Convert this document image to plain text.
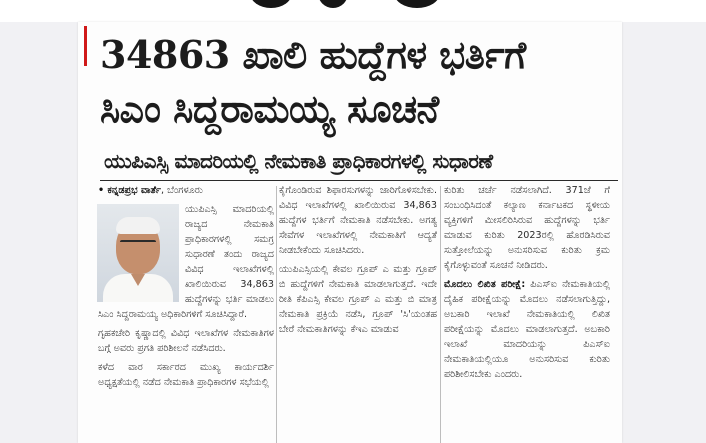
34863 ಖಾಲಿ ಹುದ್ದೆಗಳ ಭರ್ತಿಗೆ
ಸಿಎಂ ಸಿದ್ದರಾಮಯ್ಯ ಸೂಚನೆ
ಯುಪಿಎಸ್ಸಿ ಮಾದರಿಯಲ್ಲಿ ನೇಮಕಾತಿ ಪ್ರಾಧಿಕಾರಗಳಲ್ಲಿ ಸುಧಾರಣೆ

• ಕನ್ನಡಪ್ರಭ ವಾರ್ತೆ, ಬೆಂಗಳೂರು

ಯುಪಿಎಸ್ಸಿ ಮಾದರಿಯಲ್ಲಿ ರಾಜ್ಯದ ನೇಮಕಾತಿ ಪ್ರಾಧಿಕಾರಗಳಲ್ಲಿ ಸಮಗ್ರ ಸುಧಾರಣೆ ತಂದು ರಾಜ್ಯದ ವಿವಿಧ ಇಲಾಖೆಗಳಲ್ಲಿ ಖಾಲಿಯಿರುವ 34,863 ಹುದ್ದೆಗಳನ್ನು ಭರ್ತಿ ಮಾಡಲು ಸಿಎಂ ಸಿದ್ದರಾಮಯ್ಯ ಅಧಿಕಾರಿಗಳಿಗೆ ಸೂಚಿಸಿದ್ದಾರೆ.

ಗೃಹಕಚೇರಿ ಕೃಷ್ಣಾದಲ್ಲಿ ವಿವಿಧ ಇಲಾಖೆಗಳ ನೇಮಕಾತಿಗಳ ಬಗ್ಗೆ ಅವರು ಪ್ರಗತಿ ಪರಿಶೀಲನೆ ನಡೆಸಿದರು.

ಕಳೆದ ವಾರ ಸರ್ಕಾರದ ಮುಖ್ಯ ಕಾರ್ಯದರ್ಶಿ ಅಧ್ಯಕ್ಷತೆಯಲ್ಲಿ ನಡೆದ ನೇಮಕಾತಿ ಪ್ರಾಧಿಕಾರಗಳ ಸಭೆಯಲ್ಲಿ

ಕೈಗೊಂಡಿರುವ ಶಿಫಾರಸುಗಳನ್ನು ಜಾರಿಗೊಳಿಸಬೇಕು. ವಿವಿಧ ಇಲಾಖೆಗಳಲ್ಲಿ ಖಾಲಿಯಿರುವ 34,863 ಹುದ್ದೆಗಳ ಭರ್ತಿಗೆ ನೇಮಕಾತಿ ನಡೆಸಬೇಕು. ಅಗತ್ಯ ಸೇವೆಗಳ ಇಲಾಖೆಗಳಲ್ಲಿ ನೇಮಕಾತಿಗೆ ಆದ್ಯತೆ ನೀಡಬೇಕೆಂದು ಸೂಚಿಸಿದರು.

ಯುಪಿಎಸ್ಸಿಯಲ್ಲಿ ಕೇವಲ ಗ್ರೂಪ್ ಎ ಮತ್ತು ಗ್ರೂಪ್ ಬಿ ಹುದ್ದೆಗಳಿಗೆ ನೇಮಕಾತಿ ಮಾಡಲಾಗುತ್ತದೆ. ಇದೇ ರೀತಿ ಕೆಪಿಎಸ್ಸಿ ಕೇವಲ ಗ್ರೂಪ್ ಎ ಮತ್ತು ಬಿ ಮಾತ್ರ ನೇಮಕಾತಿ ಪ್ರಕ್ರಿಯೆ ನಡೆಸಿ, ಗ್ರೂಪ್ 'ಸಿ'ಯಂತಹ ಬೇರೆ ನೇಮಕಾತಿಗಳನ್ನು ಕೆಇಎ ಮಾಡುವ

ಕುರಿತು ಚರ್ಚೆ ನಡೆಸಲಾಗಿದೆ. 371ಜೆ ಗೆ ಸಂಬಂಧಿಸಿದಂತೆ ಕಲ್ಯಾಣ ಕರ್ನಾಟಕದ ಸ್ಥಳೀಯ ವ್ಯಕ್ತಿಗಳಿಗೆ ಮೀಸಲಿರಿಸಿರುವ ಹುದ್ದೆಗಳನ್ನು ಭರ್ತಿ ಮಾಡುವ ಕುರಿತು 2023ರಲ್ಲಿ ಹೊರಡಿಸಿರುವ ಸುತ್ತೋಲೆಯನ್ನು ಅನುಸರಿಸುವ ಕುರಿತು ಕ್ರಮ ಕೈಗೊಳ್ಳುವಂತೆ ಸೂಚನೆ ನೀಡಿದರು.

ಮೊದಲು ಲಿಖಿತ ಪರೀಕ್ಷೆ: ಪಿಎಸ್ಐ ನೇಮಕಾತಿಯಲ್ಲಿ ದೈಹಿಕ ಪರೀಕ್ಷೆಯನ್ನು ಮೊದಲು ನಡೆಸಲಾಗುತ್ತಿದ್ದು, ಅಬಕಾರಿ ಇಲಾಖೆ ನೇಮಕಾತಿಯಲ್ಲಿ ಲಿಖಿತ ಪರೀಕ್ಷೆಯನ್ನು ಮೊದಲು ಮಾಡಲಾಗುತ್ತದೆ. ಅಬಕಾರಿ ಇಲಾಖೆ ಮಾದರಿಯನ್ನು ಪಿಎಸ್ಐ ನೇಮಕಾತಿಯಲ್ಲಿಯೂ ಅನುಸರಿಸುವ ಕುರಿತು ಪರಿಶೀಲಿಸಬೇಕು ಎಂದರು.
